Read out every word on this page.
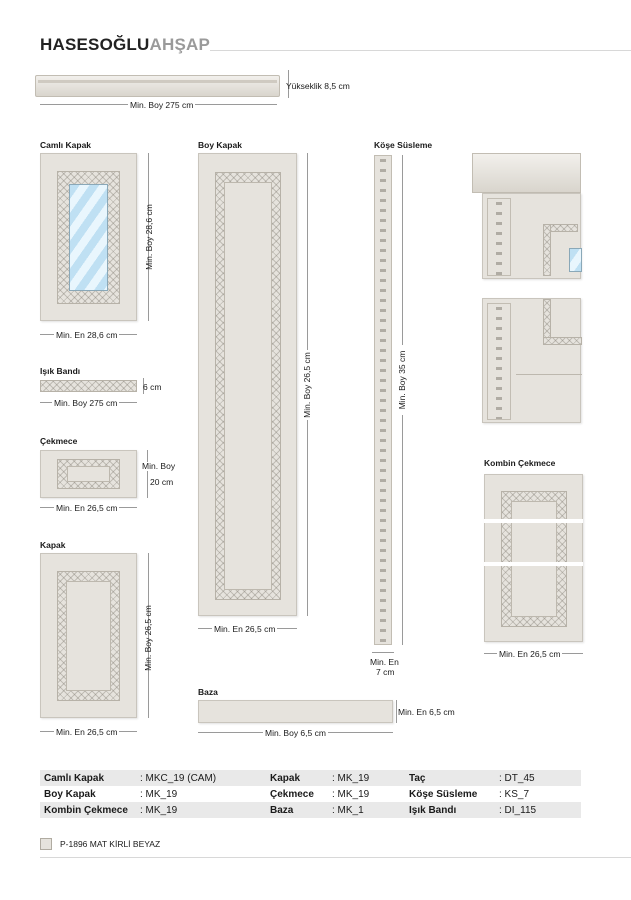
HASESOĞLUAHŞAP
Yükseklik 8,5 cm
Min. Boy 275 cm
Camlı Kapak
Min. Boy 28,6 cm
Min. En 28,6 cm
Işık Bandı
6 cm
Min. Boy 275 cm
Çekmece
Min. Boy
20 cm
Min. En 26,5 cm
Kapak
Min. Boy 26,5 cm
Min. En 26,5 cm
Boy Kapak
Min. Boy 26,5 cm
Min. En 26,5 cm
Köşe Süsleme
Min. Boy 35 cm
Min. En
7 cm
Kombin Çekmece
Min. En 26,5 cm
Baza
Min. En 6,5 cm
Min. Boy 6,5 cm
Camlı Kapak	: MKC_19 (CAM)	Kapak	: MK_19	Taç	: DT_45
Boy Kapak	: MK_19	Çekmece : MK_19	Köşe Süsleme : KS_7
Kombin Çekmece : MK_19	Baza	: MK_1	Işık Bandı	: DI_115
P-1896 MAT KİRLİ BEYAZ
